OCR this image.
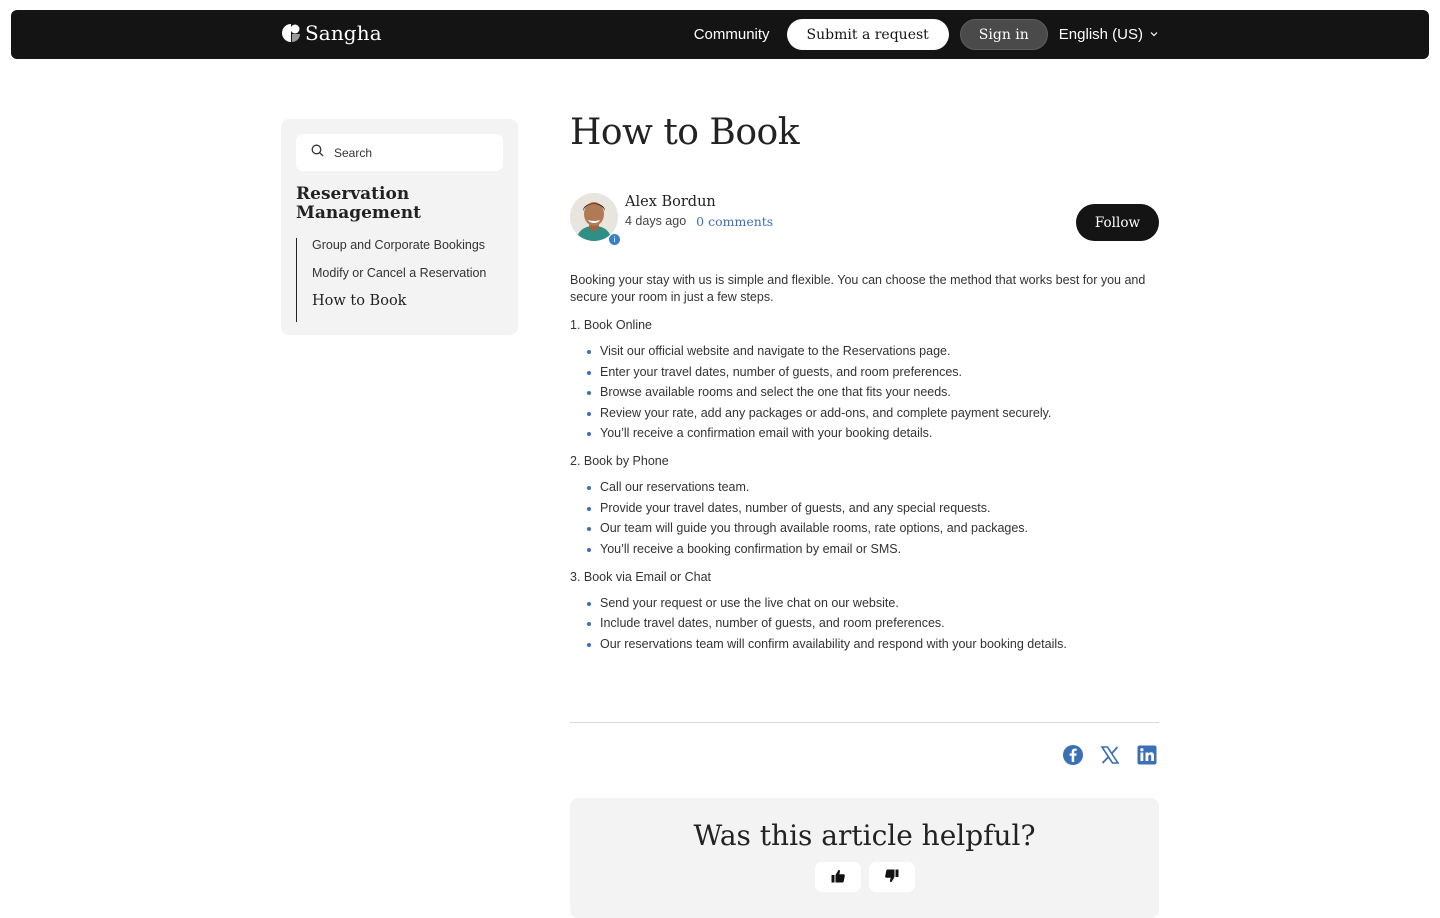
Sangha	Community	Submit a request	Sign in	English (US)
Search
Reservation Management
Group and Corporate Bookings
Modify or Cancel a Reservation
How to Book
How to Book
i
Alex Bordun
4 days ago 0 comments	Follow

Booking your stay with us is simple and flexible. You can choose the method that works best for you and secure your room in just a few steps.

1. Book Online

Visit our official website and navigate to the Reservations page.
Enter your travel dates, number of guests, and room preferences.
Browse available rooms and select the one that fits your needs.
Review your rate, add any packages or add-ons, and complete payment securely.
You’ll receive a confirmation email with your booking details.

2. Book by Phone

Call our reservations team.
Provide your travel dates, number of guests, and any special requests.
Our team will guide you through available rooms, rate options, and packages.
You’ll receive a booking confirmation by email or SMS.

3. Book via Email or Chat

Send your request or use the live chat on our website.
Include travel dates, number of guests, and room preferences.
Our reservations team will confirm availability and respond with your booking details.
Was this article helpful?
